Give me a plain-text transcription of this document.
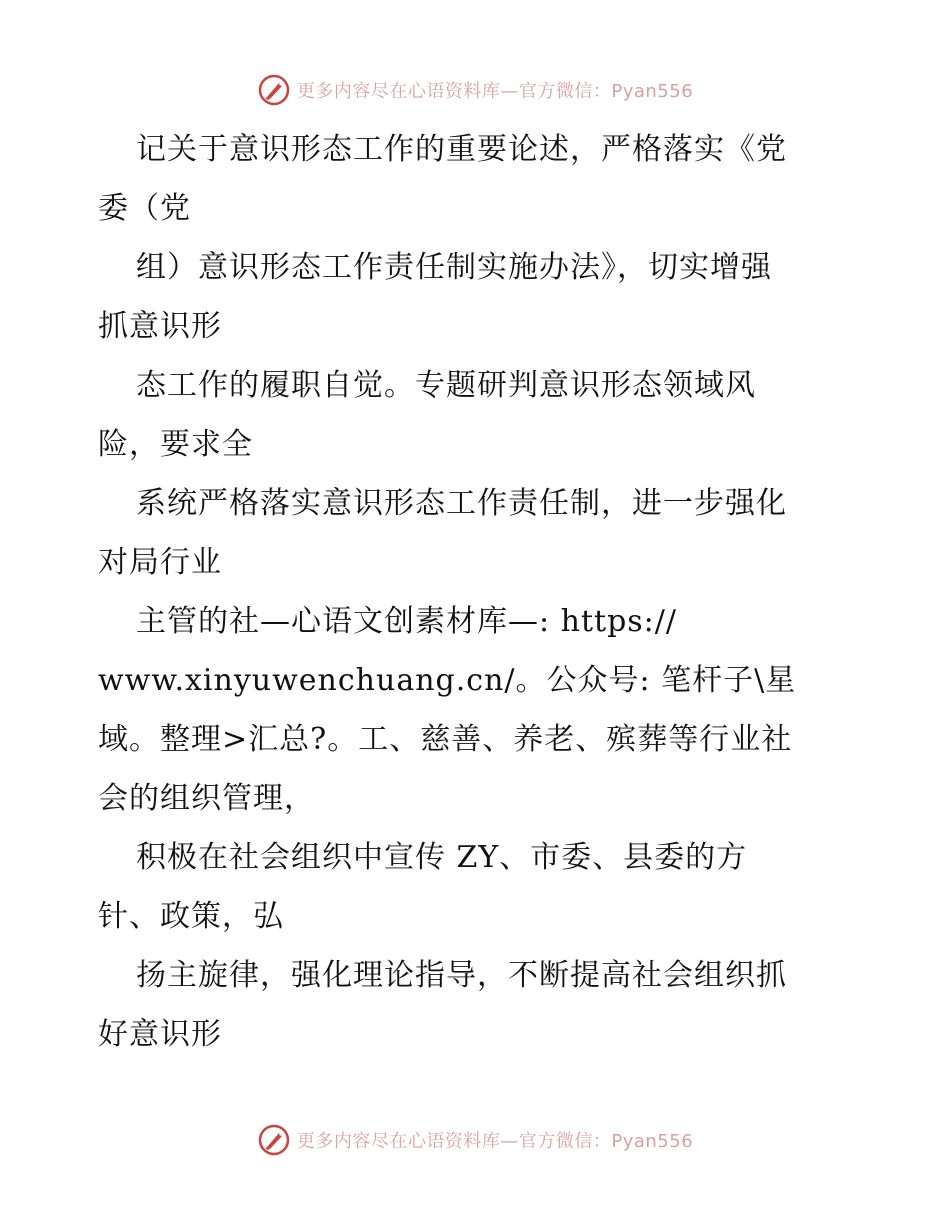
更多内容尽在心语资料库—官方微信：Pyan556
记关于意识形态工作的重要论述，严格落实《党
委（党
组）意识形态工作责任制实施办法》，切实增强
抓意识形
态工作的履职自觉。专题研判意识形态领域风
险，要求全
系统严格落实意识形态工作责任制，进一步强化
对局行业
主管的社—心语文创素材库—: https://
www.xinyuwenchuang.cn/。公众号: 笔杆子\星
域。整理>汇总?。工、慈善、养老、殡葬等行业社
会的组织管理，
积极在社会组织中宣传 ZY、市委、县委的方
针、政策，弘
扬主旋律，强化理论指导，不断提高社会组织抓
好意识形
更多内容尽在心语资料库—官方微信：Pyan556
